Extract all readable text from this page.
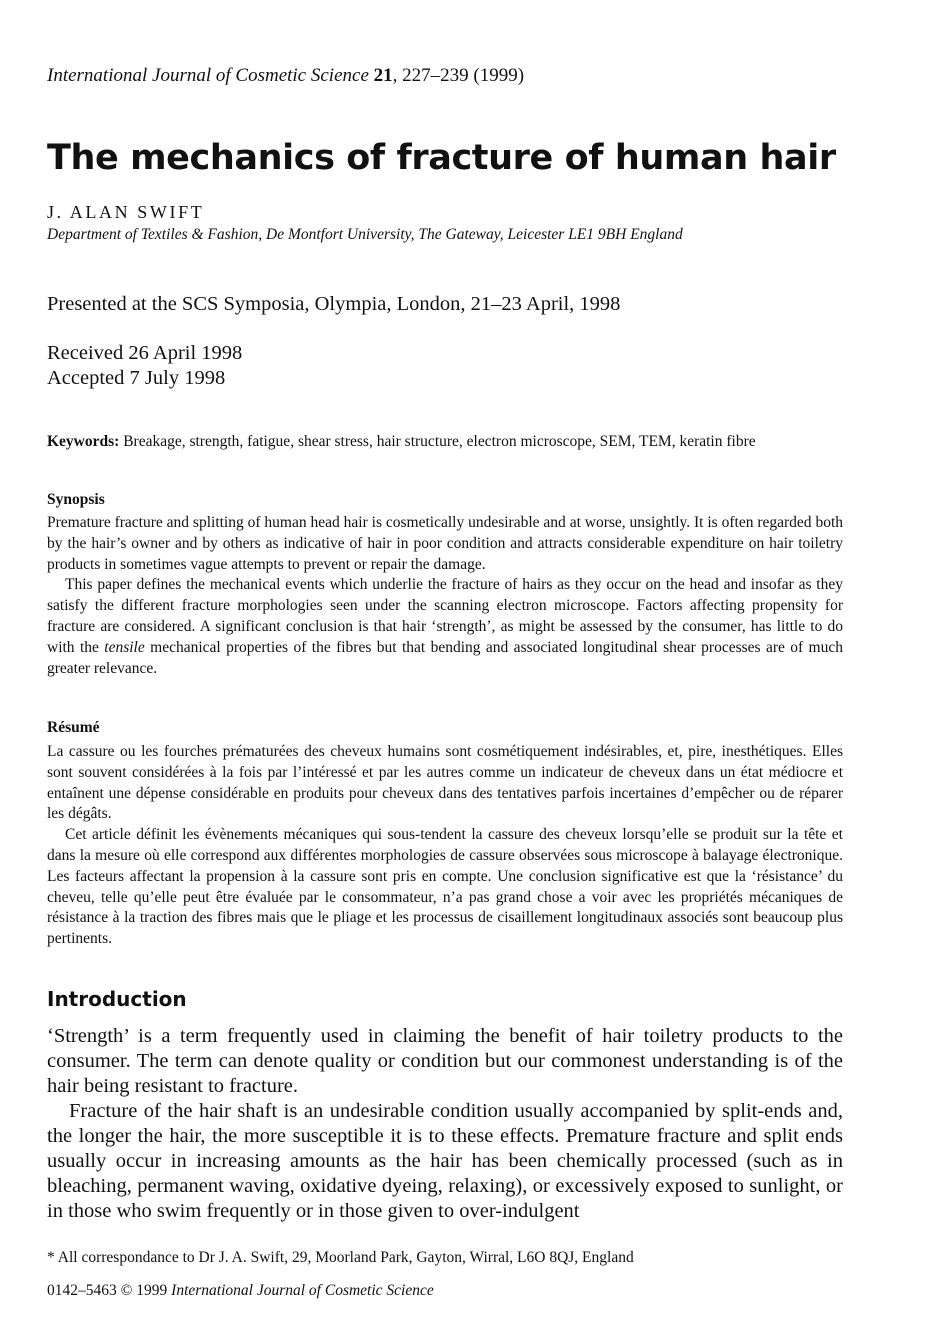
International Journal of Cosmetic Science 21, 227–239 (1999)
The mechanics of fracture of human hair
J. ALAN SWIFT
Department of Textiles & Fashion, De Montfort University, The Gateway, Leicester LE1 9BH England
Presented at the SCS Symposia, Olympia, London, 21–23 April, 1998
Received 26 April 1998
Accepted 7 July 1998
Keywords: Breakage, strength, fatigue, shear stress, hair structure, electron microscope, SEM, TEM, keratin fibre
Synopsis

Premature fracture and splitting of human head hair is cosmetically undesirable and at worse, unsightly. It is often regarded both by the hair’s owner and by others as indicative of hair in poor condition and attracts considerable expenditure on hair toiletry products in sometimes vague attempts to prevent or repair the damage.

This paper defines the mechanical events which underlie the fracture of hairs as they occur on the head and insofar as they satisfy the different fracture morphologies seen under the scanning electron microscope. Factors affecting propensity for fracture are considered. A significant conclusion is that hair ‘strength’, as might be assessed by the consumer, has little to do with the tensile mechanical properties of the fibres but that bending and associated longitudinal shear processes are of much greater relevance.

Résumé

La cassure ou les fourches prématurées des cheveux humains sont cosmétiquement indésirables, et, pire, inesthétiques. Elles sont souvent considérées à la fois par l’intéressé et par les autres comme un indicateur de cheveux dans un état médiocre et entaînent une dépense considérable en produits pour cheveux dans des tentatives parfois incertaines d’empêcher ou de réparer les dégâts.

Cet article définit les évènements mécaniques qui sous-tendent la cassure des cheveux lorsqu’elle se produit sur la tête et dans la mesure où elle correspond aux différentes morphologies de cassure observées sous microscope à balayage électronique. Les facteurs affectant la propension à la cassure sont pris en compte. Une conclusion significative est que la ‘résistance’ du cheveu, telle qu’elle peut être évaluée par le consommateur, n’a pas grand chose a voir avec les propriétés mécaniques de résistance à la traction des fibres mais que le pliage et les processus de cisaillement longitudinaux associés sont beaucoup plus pertinents.

Introduction

‘Strength’ is a term frequently used in claiming the benefit of hair toiletry products to the consumer. The term can denote quality or condition but our commonest understanding is of the hair being resistant to fracture.

Fracture of the hair shaft is an undesirable condition usually accompanied by split-ends and, the longer the hair, the more susceptible it is to these effects. Premature fracture and split ends usually occur in increasing amounts as the hair has been chemically processed (such as in bleaching, permanent waving, oxidative dyeing, relaxing), or excessively exposed to sunlight, or in those who swim frequently or in those given to over-indulgent

* All correspondance to Dr J. A. Swift, 29, Moorland Park, Gayton, Wirral, L6O 8QJ, England
0142–5463 © 1999 International Journal of Cosmetic Science
